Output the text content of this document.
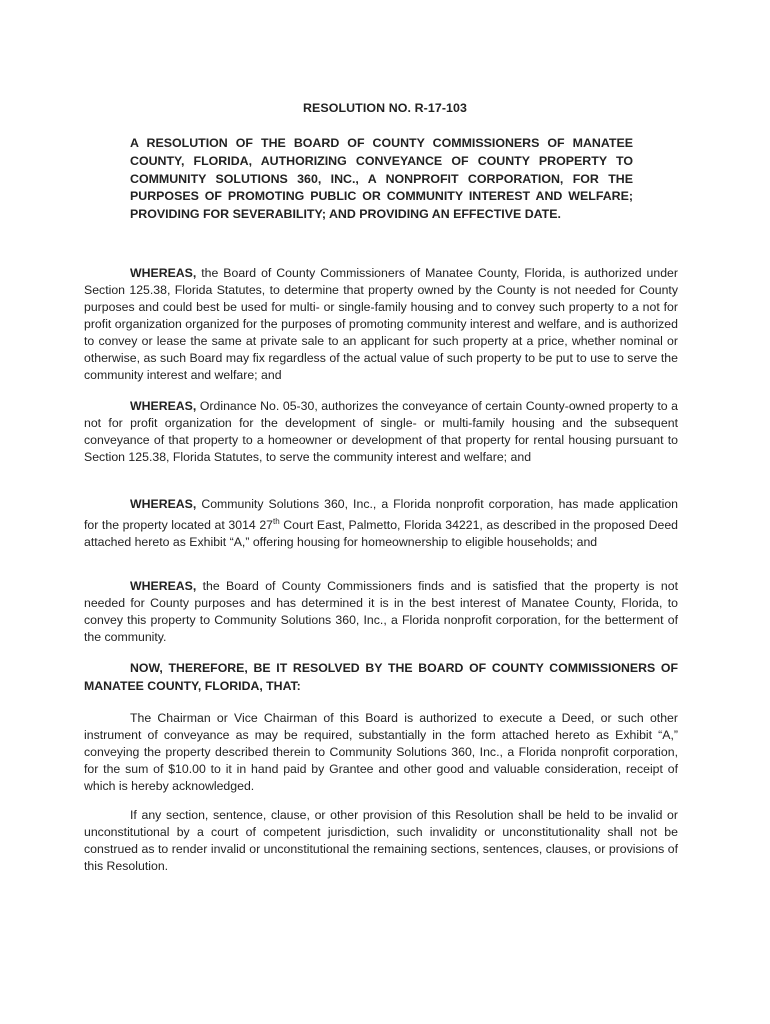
RESOLUTION NO. R-17-103
A RESOLUTION OF THE BOARD OF COUNTY COMMISSIONERS OF MANATEE COUNTY, FLORIDA, AUTHORIZING CONVEYANCE OF COUNTY PROPERTY TO COMMUNITY SOLUTIONS 360, INC., A NONPROFIT CORPORATION, FOR THE PURPOSES OF PROMOTING PUBLIC OR COMMUNITY INTEREST AND WELFARE; PROVIDING FOR SEVERABILITY; AND PROVIDING AN EFFECTIVE DATE.
WHEREAS, the Board of County Commissioners of Manatee County, Florida, is authorized under Section 125.38, Florida Statutes, to determine that property owned by the County is not needed for County purposes and could best be used for multi- or single-family housing and to convey such property to a not for profit organization organized for the purposes of promoting community interest and welfare, and is authorized to convey or lease the same at private sale to an applicant for such property at a price, whether nominal or otherwise, as such Board may fix regardless of the actual value of such property to be put to use to serve the community interest and welfare; and
WHEREAS, Ordinance No. 05-30, authorizes the conveyance of certain County-owned property to a not for profit organization for the development of single- or multi-family housing and the subsequent conveyance of that property to a homeowner or development of that property for rental housing pursuant to Section 125.38, Florida Statutes, to serve the community interest and welfare; and
WHEREAS, Community Solutions 360, Inc., a Florida nonprofit corporation, has made application for the property located at 3014 27th Court East, Palmetto, Florida 34221, as described in the proposed Deed attached hereto as Exhibit “A,” offering housing for homeownership to eligible households; and
WHEREAS, the Board of County Commissioners finds and is satisfied that the property is not needed for County purposes and has determined it is in the best interest of Manatee County, Florida, to convey this property to Community Solutions 360, Inc., a Florida nonprofit corporation, for the betterment of the community.
NOW, THEREFORE, BE IT RESOLVED BY THE BOARD OF COUNTY COMMISSIONERS OF MANATEE COUNTY, FLORIDA, THAT:
The Chairman or Vice Chairman of this Board is authorized to execute a Deed, or such other instrument of conveyance as may be required, substantially in the form attached hereto as Exhibit “A,” conveying the property described therein to Community Solutions 360, Inc., a Florida nonprofit corporation, for the sum of $10.00 to it in hand paid by Grantee and other good and valuable consideration, receipt of which is hereby acknowledged.
If any section, sentence, clause, or other provision of this Resolution shall be held to be invalid or unconstitutional by a court of competent jurisdiction, such invalidity or unconstitutionality shall not be construed as to render invalid or unconstitutional the remaining sections, sentences, clauses, or provisions of this Resolution.
